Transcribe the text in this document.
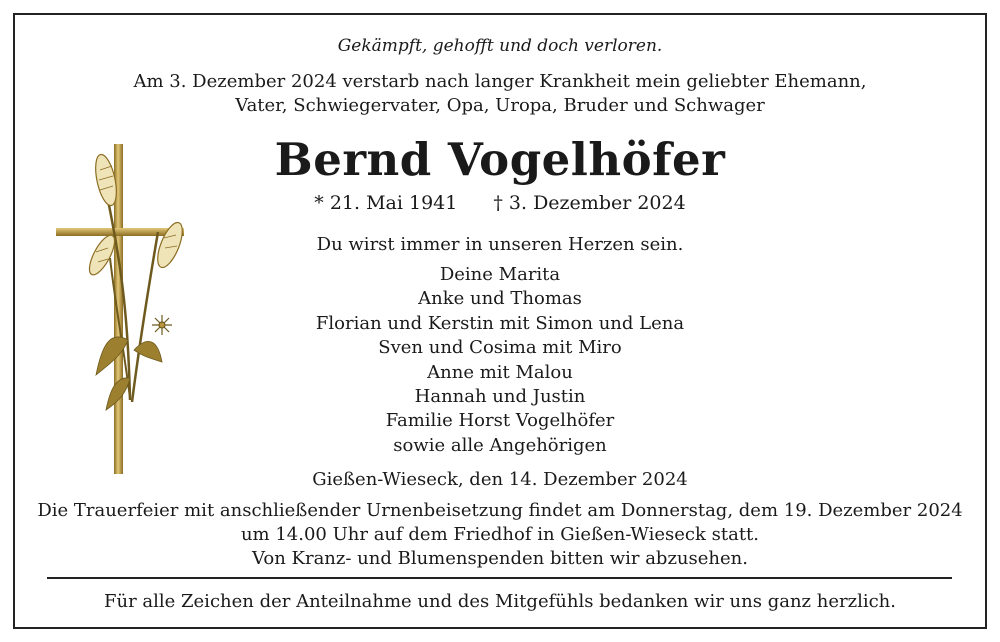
Gekämpft, gehofft und doch verloren.
Am 3. Dezember 2024 verstarb nach langer Krankheit mein geliebter Ehemann,
Vater, Schwiegervater, Opa, Uropa, Bruder und Schwager
Bernd Vogelhöfer
* 21. Mai 1941 † 3. Dezember 2024
Du wirst immer in unseren Herzen sein.
Deine Marita
Anke und Thomas
Florian und Kerstin mit Simon und Lena
Sven und Cosima mit Miro
Anne mit Malou
Hannah und Justin
Familie Horst Vogelhöfer
sowie alle Angehörigen
Gießen-Wieseck, den 14. Dezember 2024
Die Trauerfeier mit anschließender Urnenbeisetzung findet am Donnerstag, dem 19. Dezember 2024
um 14.00 Uhr auf dem Friedhof in Gießen-Wieseck statt.
Von Kranz- und Blumenspenden bitten wir abzusehen.
Für alle Zeichen der Anteilnahme und des Mitgefühls bedanken wir uns ganz herzlich.
